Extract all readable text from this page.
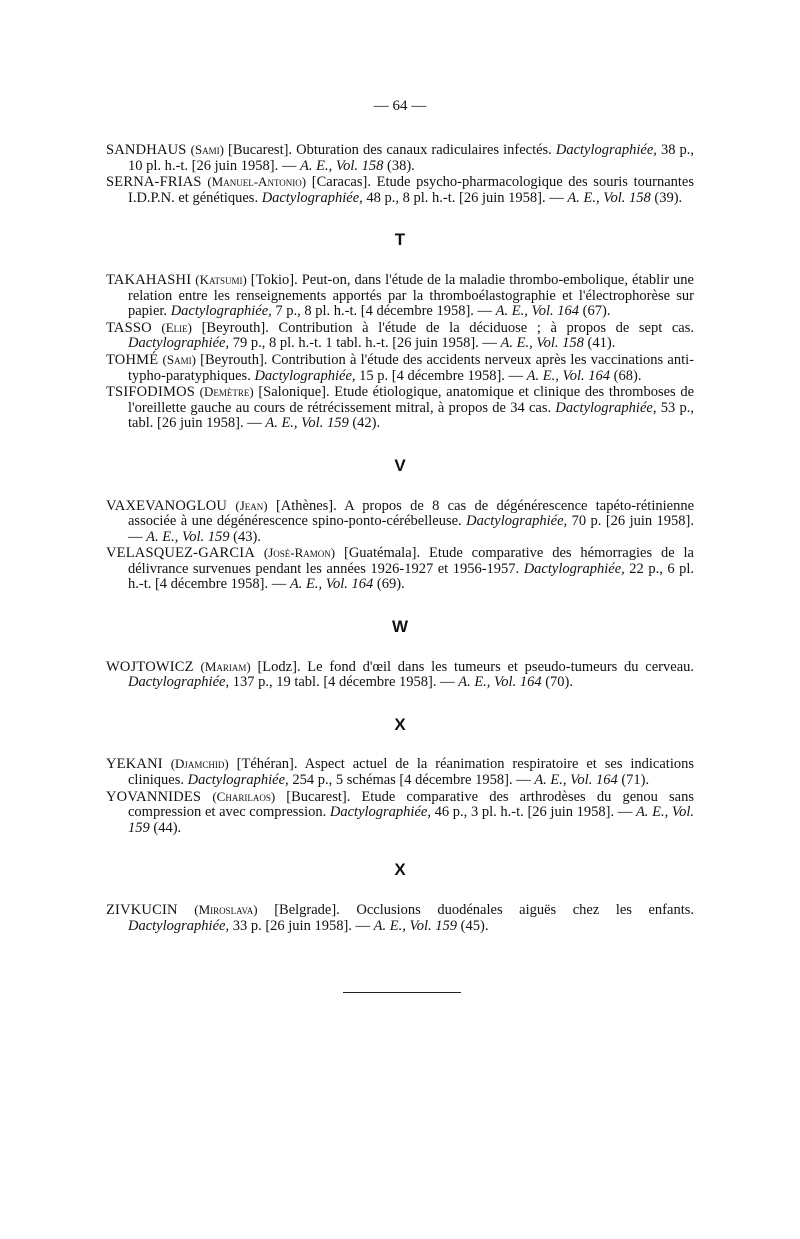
— 64 —

SANDHAUS (Sami) [Bucarest]. Obturation des canaux radiculaires infectés. Dactylographiée, 38 p., 10 pl. h.-t. [26 juin 1958]. — A. E., Vol. 158 (38).

SERNA-FRIAS (Manuel-Antonio) [Caracas]. Etude psycho-pharmacologique des souris tournantes I.D.P.N. et génétiques. Dactylographiée, 48 p., 8 pl. h.-t. [26 juin 1958]. — A. E., Vol. 158 (39).

T

TAKAHASHI (Katsumi) [Tokio]. Peut-on, dans l'étude de la maladie thrombo-embolique, établir une relation entre les renseignements apportés par la thromboélastographie et l'électrophorèse sur papier. Dactylographiée, 7 p., 8 pl. h.-t. [4 décembre 1958]. — A. E., Vol. 164 (67).

TASSO (Elie) [Beyrouth]. Contribution à l'étude de la déciduose ; à propos de sept cas. Dactylographiée, 79 p., 8 pl. h.-t. 1 tabl. h.-t. [26 juin 1958]. — A. E., Vol. 158 (41).

TOHMÉ (Sami) [Beyrouth]. Contribution à l'étude des accidents nerveux après les vaccinations anti-typho-paratyphiques. Dactylographiée, 15 p. [4 décembre 1958]. — A. E., Vol. 164 (68).

TSIFODIMOS (Demètre) [Salonique]. Etude étiologique, anatomique et clinique des thromboses de l'oreillette gauche au cours de rétrécissement mitral, à propos de 34 cas. Dactylographiée, 53 p., tabl. [26 juin 1958]. — A. E., Vol. 159 (42).

V

VAXEVANOGLOU (Jean) [Athènes]. A propos de 8 cas de dégénérescence tapéto-rétinienne associée à une dégénérescence spino-ponto-cérébelleuse. Dactylographiée, 70 p. [26 juin 1958]. — A. E., Vol. 159 (43).

VELASQUEZ-GARCIA (José-Ramon) [Guatémala]. Etude comparative des hémorragies de la délivrance survenues pendant les années 1926-1927 et 1956-1957. Dactylographiée, 22 p., 6 pl. h.-t. [4 décembre 1958]. — A. E., Vol. 164 (69).

W

WOJTOWICZ (Mariam) [Lodz]. Le fond d'œil dans les tumeurs et pseudo-tumeurs du cerveau. Dactylographiée, 137 p., 19 tabl. [4 décembre 1958]. — A. E., Vol. 164 (70).

X

YEKANI (Djamchid) [Téhéran]. Aspect actuel de la réanimation respiratoire et ses indications cliniques. Dactylographiée, 254 p., 5 schémas [4 décembre 1958]. — A. E., Vol. 164 (71).

YOVANNIDES (Charilaos) [Bucarest]. Etude comparative des arthrodèses du genou sans compression et avec compression. Dactylographiée, 46 p., 3 pl. h.-t. [26 juin 1958]. — A. E., Vol. 159 (44).

X

ZIVKUCIN (Miroslava) [Belgrade]. Occlusions duodénales aiguës chez les enfants. Dactylographiée, 33 p. [26 juin 1958]. — A. E., Vol. 159 (45).
